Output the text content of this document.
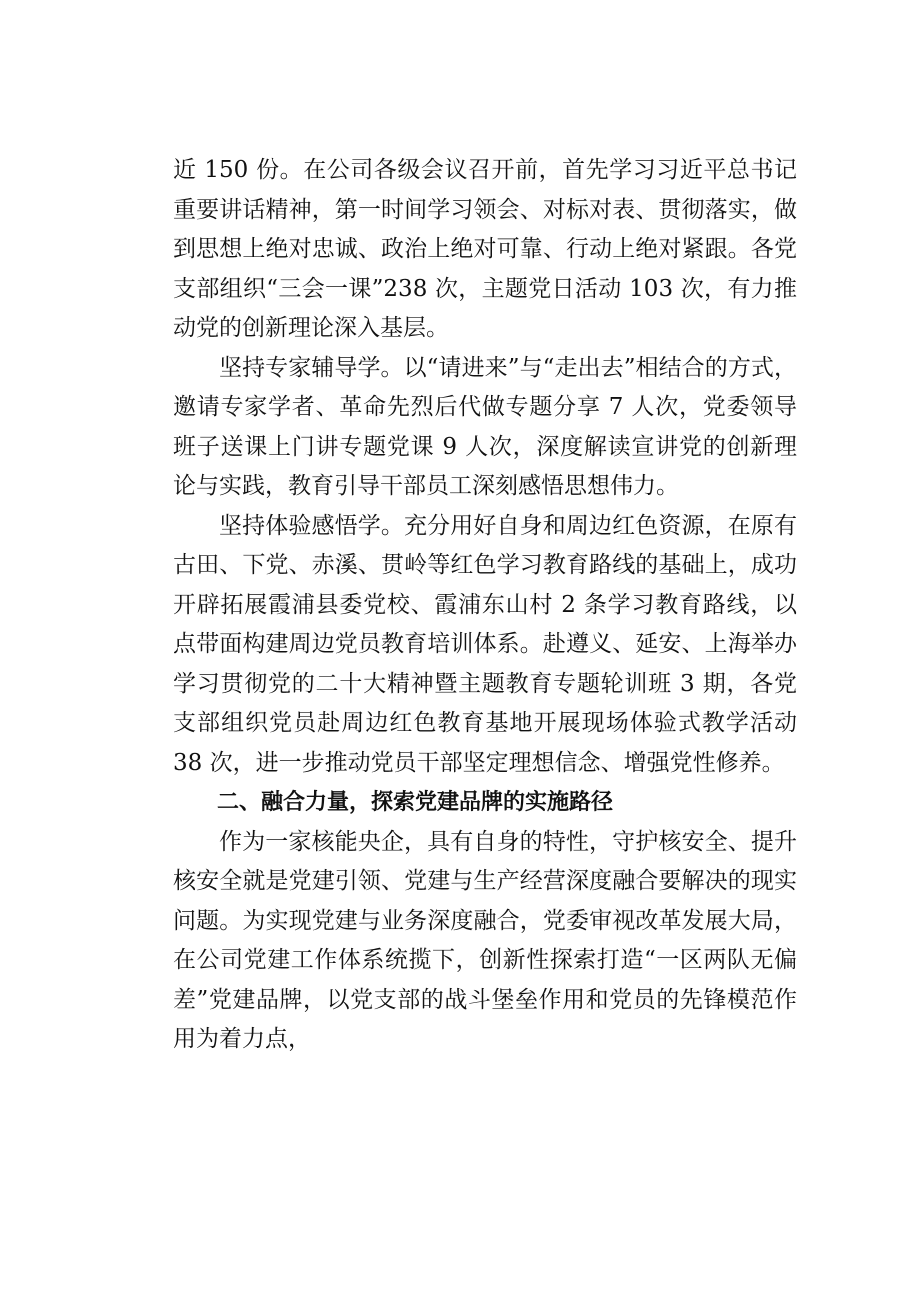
近 150 份。在公司各级会议召开前，首先学习习近平总书记重要讲话精神，第一时间学习领会、对标对表、贯彻落实，做到思想上绝对忠诚、政治上绝对可靠、行动上绝对紧跟。各党支部组织“三会一课”238 次，主题党日活动 103 次，有力推动党的创新理论深入基层。

坚持专家辅导学。以“请进来”与“走出去”相结合的方式，邀请专家学者、革命先烈后代做专题分享 7 人次，党委领导班子送课上门讲专题党课 9 人次，深度解读宣讲党的创新理论与实践，教育引导干部员工深刻感悟思想伟力。

坚持体验感悟学。充分用好自身和周边红色资源，在原有古田、下党、赤溪、贯岭等红色学习教育路线的基础上，成功开辟拓展霞浦县委党校、霞浦东山村 2 条学习教育路线，以点带面构建周边党员教育培训体系。赴遵义、延安、上海举办学习贯彻党的二十大精神暨主题教育专题轮训班 3 期，各党支部组织党员赴周边红色教育基地开展现场体验式教学活动 38 次，进一步推动党员干部坚定理想信念、增强党性修养。

二、融合力量，探索党建品牌的实施路径

作为一家核能央企，具有自身的特性，守护核安全、提升核安全就是党建引领、党建与生产经营深度融合要解决的现实问题。为实现党建与业务深度融合，党委审视改革发展大局，在公司党建工作体系统揽下，创新性探索打造“一区两队无偏差”党建品牌，以党支部的战斗堡垒作用和党员的先锋模范作用为着力点，
